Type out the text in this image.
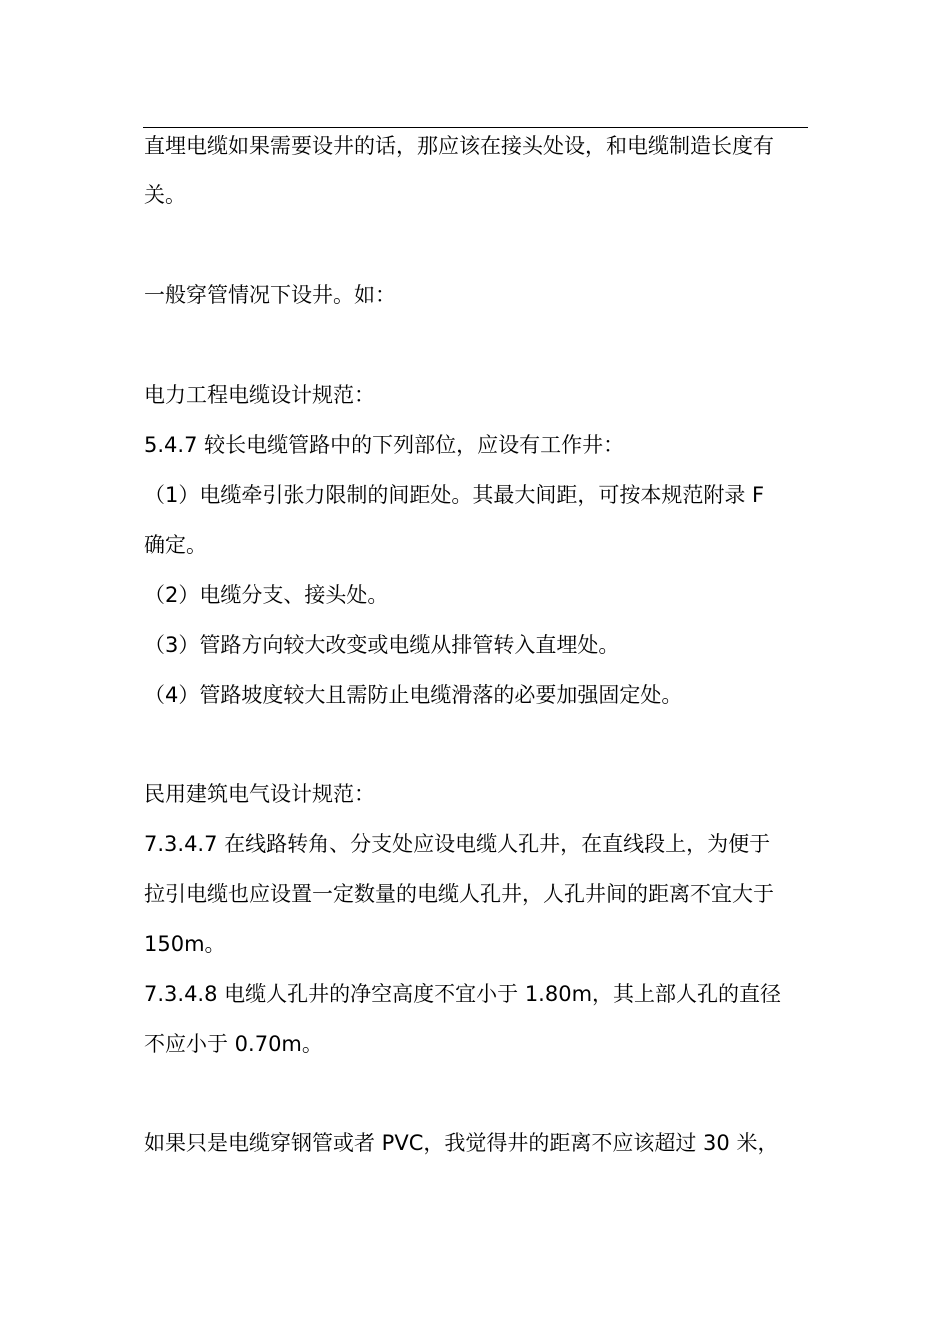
直埋电缆如果需要设井的话，那应该在接头处设，和电缆制造长度有
关。
一般穿管情况下设井。如：
电力工程电缆设计规范：
5.4.7 较长电缆管路中的下列部位，应设有工作井：
（1）电缆牵引张力限制的间距处。其最大间距，可按本规范附录 F
确定。
（2）电缆分支、接头处。
（3）管路方向较大改变或电缆从排管转入直埋处。
（4）管路坡度较大且需防止电缆滑落的必要加强固定处。
民用建筑电气设计规范：
7.3.4.7 在线路转角、分支处应设电缆人孔井，在直线段上，为便于
拉引电缆也应设置一定数量的电缆人孔井，人孔井间的距离不宜大于
150m。
7.3.4.8 电缆人孔井的净空高度不宜小于 1.80m，其上部人孔的直径
不应小于 0.70m。
如果只是电缆穿钢管或者 PVC，我觉得井的距离不应该超过 30 米，
